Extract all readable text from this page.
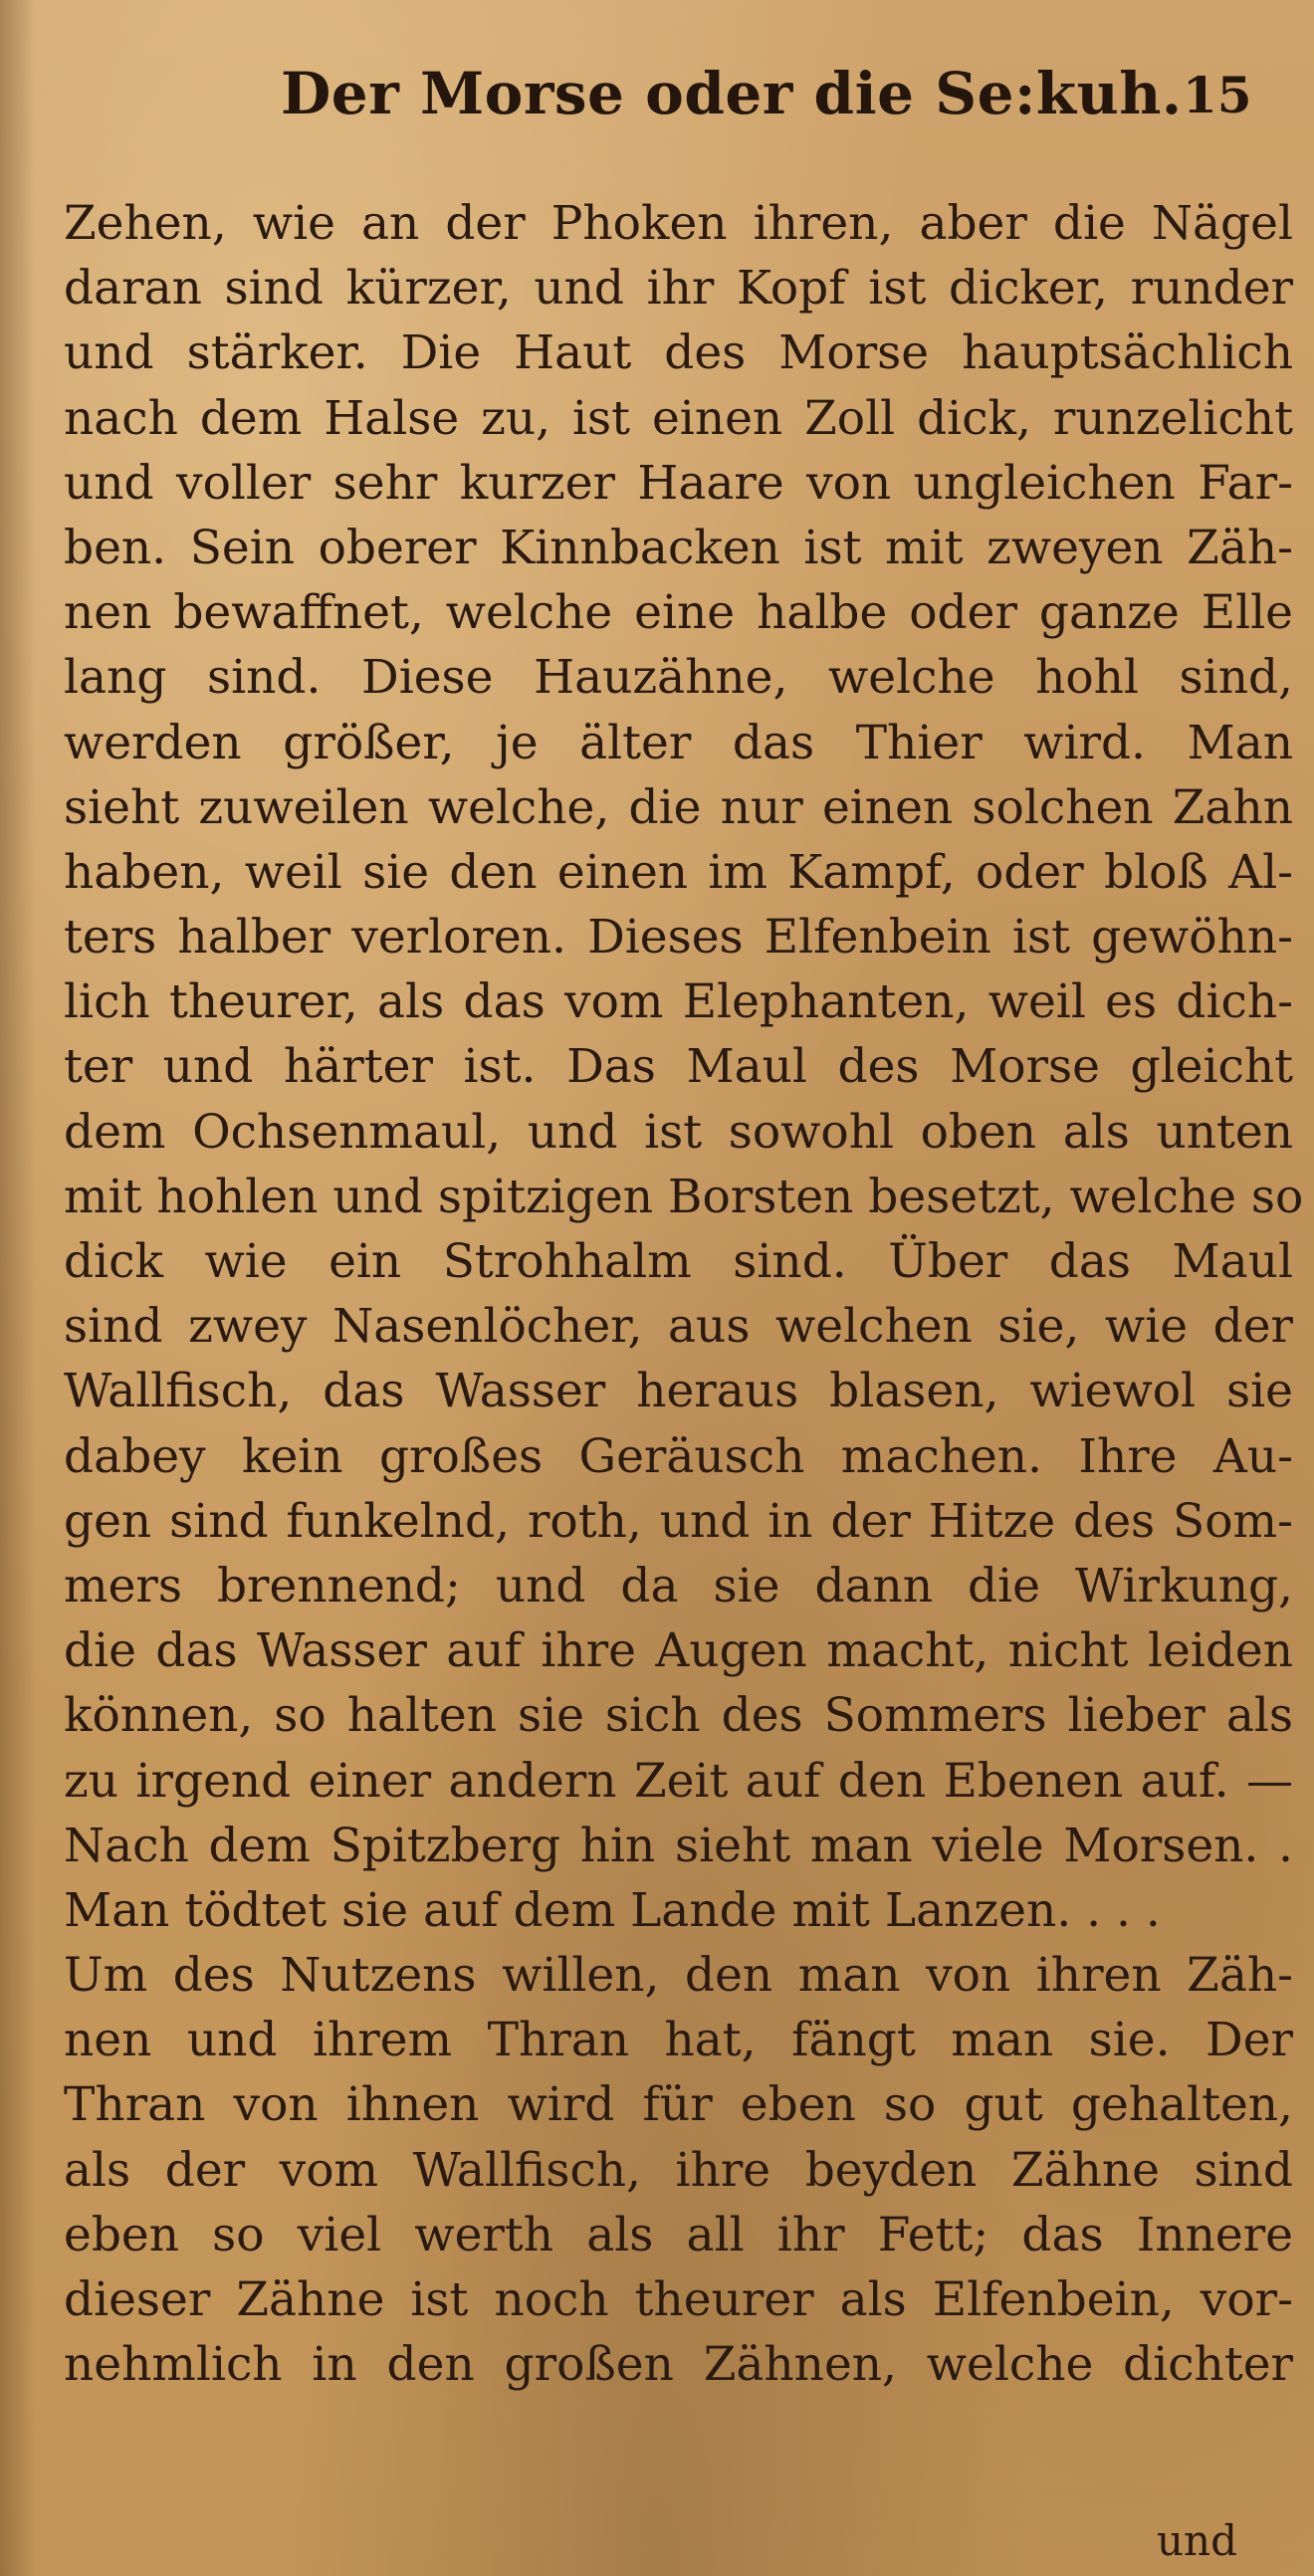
Der Morse oder die Se:kuh. 15
Zehen, wie an der Phoken ihren, aber die Nägel
daran sind kürzer, und ihr Kopf ist dicker, runder
und stärker. Die Haut des Morse hauptsächlich
nach dem Halse zu, ist einen Zoll dick, runzelicht
und voller sehr kurzer Haare von ungleichen Far-
ben. Sein oberer Kinnbacken ist mit zweyen Zäh-
nen bewaffnet, welche eine halbe oder ganze Elle
lang sind. Diese Hauzähne, welche hohl sind,
werden größer, je älter das Thier wird. Man
sieht zuweilen welche, die nur einen solchen Zahn
haben, weil sie den einen im Kampf, oder bloß Al-
ters halber verloren. Dieses Elfenbein ist gewöhn-
lich theurer, als das vom Elephanten, weil es dich-
ter und härter ist. Das Maul des Morse gleicht
dem Ochsenmaul, und ist sowohl oben als unten
mit hohlen und spitzigen Borsten besetzt, welche so
dick wie ein Strohhalm sind. Über das Maul
sind zwey Nasenlöcher, aus welchen sie, wie der
Wallfisch, das Wasser heraus blasen, wiewol sie
dabey kein großes Geräusch machen. Ihre Au-
gen sind funkelnd, roth, und in der Hitze des Som-
mers brennend; und da sie dann die Wirkung,
die das Wasser auf ihre Augen macht, nicht leiden
können, so halten sie sich des Sommers lieber als
zu irgend einer andern Zeit auf den Ebenen auf. —
Nach dem Spitzberg hin sieht man viele Morsen. .
Man tödtet sie auf dem Lande mit Lanzen. . . .
Um des Nutzens willen, den man von ihren Zäh-
nen und ihrem Thran hat, fängt man sie. Der
Thran von ihnen wird für eben so gut gehalten,
als der vom Wallfisch, ihre beyden Zähne sind
eben so viel werth als all ihr Fett; das Innere
dieser Zähne ist noch theurer als Elfenbein, vor-
nehmlich in den großen Zähnen, welche dichter
und
